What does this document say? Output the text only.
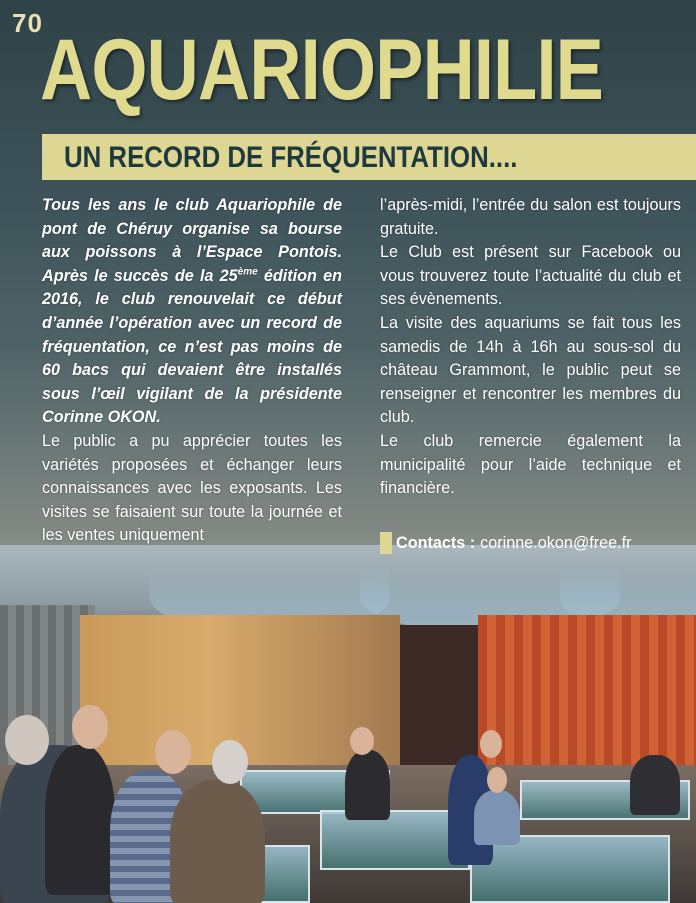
70
AQUARIOPHILIE
UN RECORD DE FRÉQUENTATION....

Tous les ans le club Aquariophile de pont de Chéruy organise sa bourse aux poissons à l’Espace Pontois. Après le succès de la 25ème édition en 2016, le club renouvelait ce début d’année l’opération avec un record de fréquentation, ce n’est pas moins de 60 bacs qui devaient être installés sous l’œil vigilant de la présidente Corinne OKON.

Le public a pu apprécier toutes les variétés proposées et échanger leurs connaissances avec les exposants. Les visites se faisaient sur toute la journée et les ventes uniquement

l’après-midi, l’entrée du salon est toujours gratuite.

Le Club est présent sur Facebook ou vous trouverez toute l’actualité du club et ses évènements.

La visite des aquariums se fait tous les samedis de 14h à 16h au sous-sol du château Grammont, le public peut se renseigner et rencontrer les membres du club.

Le club remercie également la municipalité pour l’aide technique et financière.

Contacts : corinne.okon@free.fr
